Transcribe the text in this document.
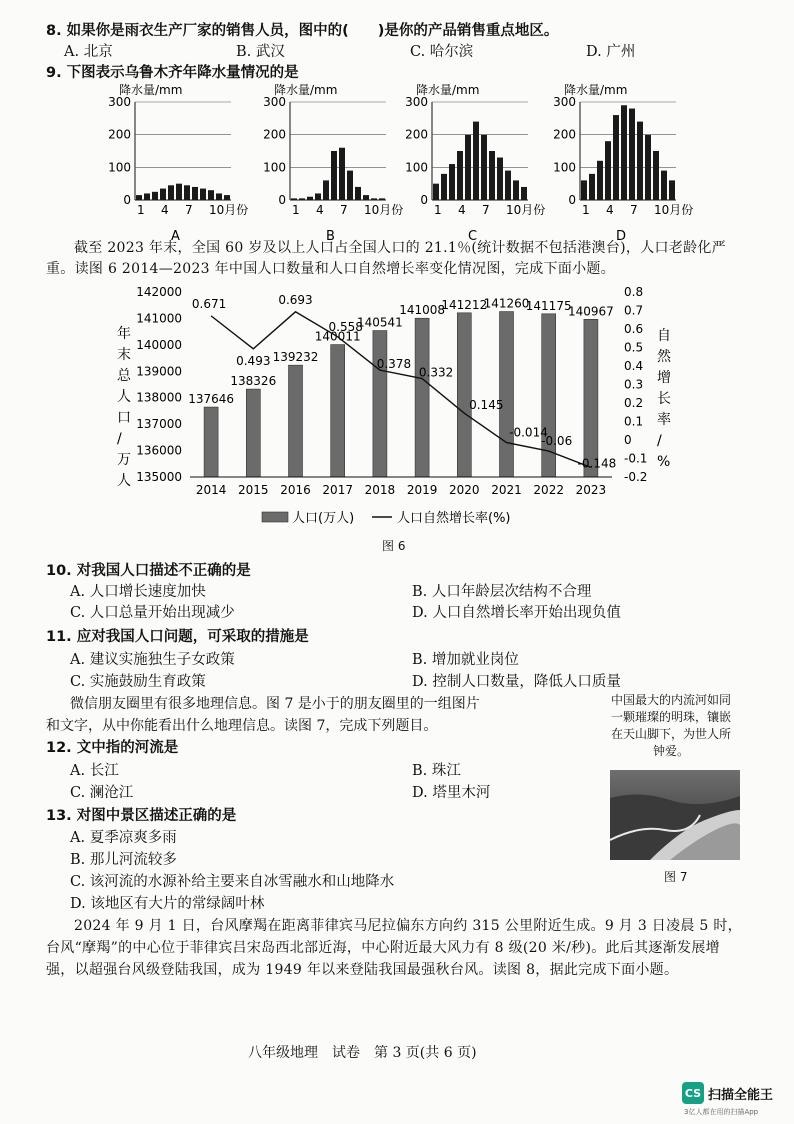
8. 如果你是雨衣生产厂家的销售人员，图中的(　　)是你的产品销售重点地区。
A. 北京	B. 武汉	C. 哈尔滨	D. 广州
9. 下图表示乌鲁木齐年降水量情况的是
降水量/mm
0
100
200
300
1 4 7 10月份
A
降水量/mm
0
100
200
300
1 4 7 10月份
B
降水量/mm
0
100
200
300
1 4 7 10月份
C
降水量/mm
0
100
200
300
1 4 7 10月份
D
截至 2023 年末，全国 60 岁及以上人口占全国人口的 21.1％(统计数据不包括港澳台)，人口老龄化严重。读图 6 2014—2023 年中国人口数量和人口自然增长率变化情况图，完成下面小题。
年
末
总
人
口
/
万
人
自
然
增
长
率
/
%
135000
136000
137000
138000
139000
140000
141000
142000
-0.2
-0.1
0
0.1
0.2
0.3
0.4
0.5
0.6
0.7
0.8
137646
138326
139232
140011
140541
141008
141212
141260
141175
140967
0.671
0.493
0.693
0.558
0.378
0.332
0.145
-0.014
-0.06
-0.148
2014 2015 2016 2017 2018 2019 2020 2021 2022 2023
人口(万人)	人口自然增长率(%)
图 6
10. 对我国人口描述不正确的是
A. 人口增长速度加快	B. 人口年龄层次结构不合理
C. 人口总量开始出现减少	D. 人口自然增长率开始出现负值
11. 应对我国人口问题，可采取的措施是
A. 建议实施独生子女政策	B. 增加就业岗位
C. 实施鼓励生育政策	D. 控制人口数量，降低人口质量
微信朋友圈里有很多地理信息。图 7 是小于的朋友圈里的一组图片
和文字，从中你能看出什么地理信息。读图 7，完成下列题目。
中国最大的内流河如同一颗璀璨的明珠，镶嵌在天山脚下，为世人所钟爱。
图 7
12. 文中指的河流是
A. 长江	B. 珠江
C. 澜沧江	D. 塔里木河
13. 对图中景区描述正确的是
A. 夏季凉爽多雨
B. 那儿河流较多
C. 该河流的水源补给主要来自冰雪融水和山地降水
D. 该地区有大片的常绿阔叶林
2024 年 9 月 1 日，台风摩羯在距离菲律宾马尼拉偏东方向约 315 公里附近生成。9 月 3 日凌晨 5 时，台风“摩羯”的中心位于菲律宾吕宋岛西北部近海，中心附近最大风力有 8 级(20 米/秒)。此后其逐渐发展增强，以超强台风级登陆我国，成为 1949 年以来登陆我国最强秋台风。读图 8，据此完成下面小题。
八年级地理　试卷　第 3 页(共 6 页)
CS 扫描全能王
3亿人都在用的扫描App
